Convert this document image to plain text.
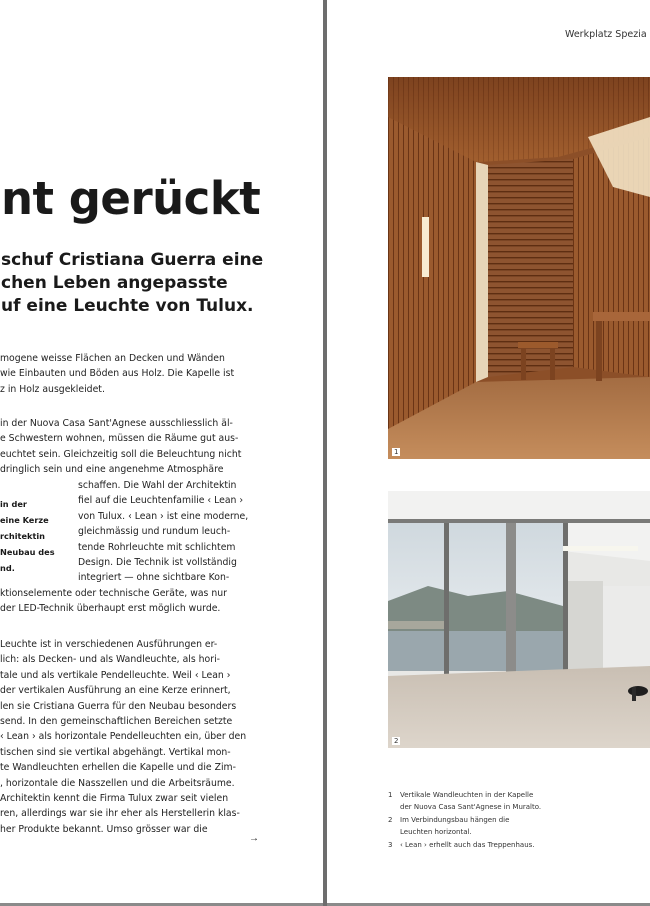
nt gerückt
schuf Cristiana Guerra eine
chen Leben angepasste
uf eine Leuchte von Tulux.
mogene weisse Flächen an Decken und Wänden
wie Einbauten und Böden aus Holz. Die Kapelle ist
z in Holz ausgekleidet.
in der Nuova Casa Sant'Agnese ausschliesslich äl-
e Schwestern wohnen, müssen die Räume gut aus-
euchtet sein. Gleichzeitig soll die Beleuchtung nicht
dringlich sein und eine angenehme Atmosphäre
schaffen. Die Wahl der Architektin
fiel auf die Leuchtenfamilie ‹ Lean ›
von Tulux. ‹ Lean › ist eine moderne,
gleichmässig und rundum leuch-
tende Rohrleuchte mit schlichtem
Design. Die Technik ist vollständig
integriert — ohne sichtbare Kon-
in der
eine Kerze
rchitektin
Neubau des
nd.
ktionselemente oder technische Geräte, was nur
der LED-Technik überhaupt erst möglich wurde.
Leuchte ist in verschiedenen Ausführungen er-
lich: als Decken- und als Wandleuchte, als hori-
tale und als vertikale Pendelleuchte. Weil ‹ Lean ›
der vertikalen Ausführung an eine Kerze erinnert,
len sie Cristiana Guerra für den Neubau besonders
send. In den gemeinschaftlichen Bereichen setzte
‹ Lean › als horizontale Pendelleuchten ein, über den
tischen sind sie vertikal abgehängt. Vertikal mon-
te Wandleuchten erhellen die Kapelle und die Zim-
, horizontale die Nasszellen und die Arbeitsräume.
Architektin kennt die Firma Tulux zwar seit vielen
ren, allerdings war sie ihr eher als Herstellerin klas-
her Produkte bekannt. Umso grösser war die
→
Werkplatz Spezia
1
2
1	Vertikale Wandleuchten in der Kapelle
der Nuova Casa Sant'Agnese in Muralto.
2	Im Verbindungsbau hängen die
Leuchten horizontal.
3	‹ Lean › erhellt auch das Treppenhaus.
